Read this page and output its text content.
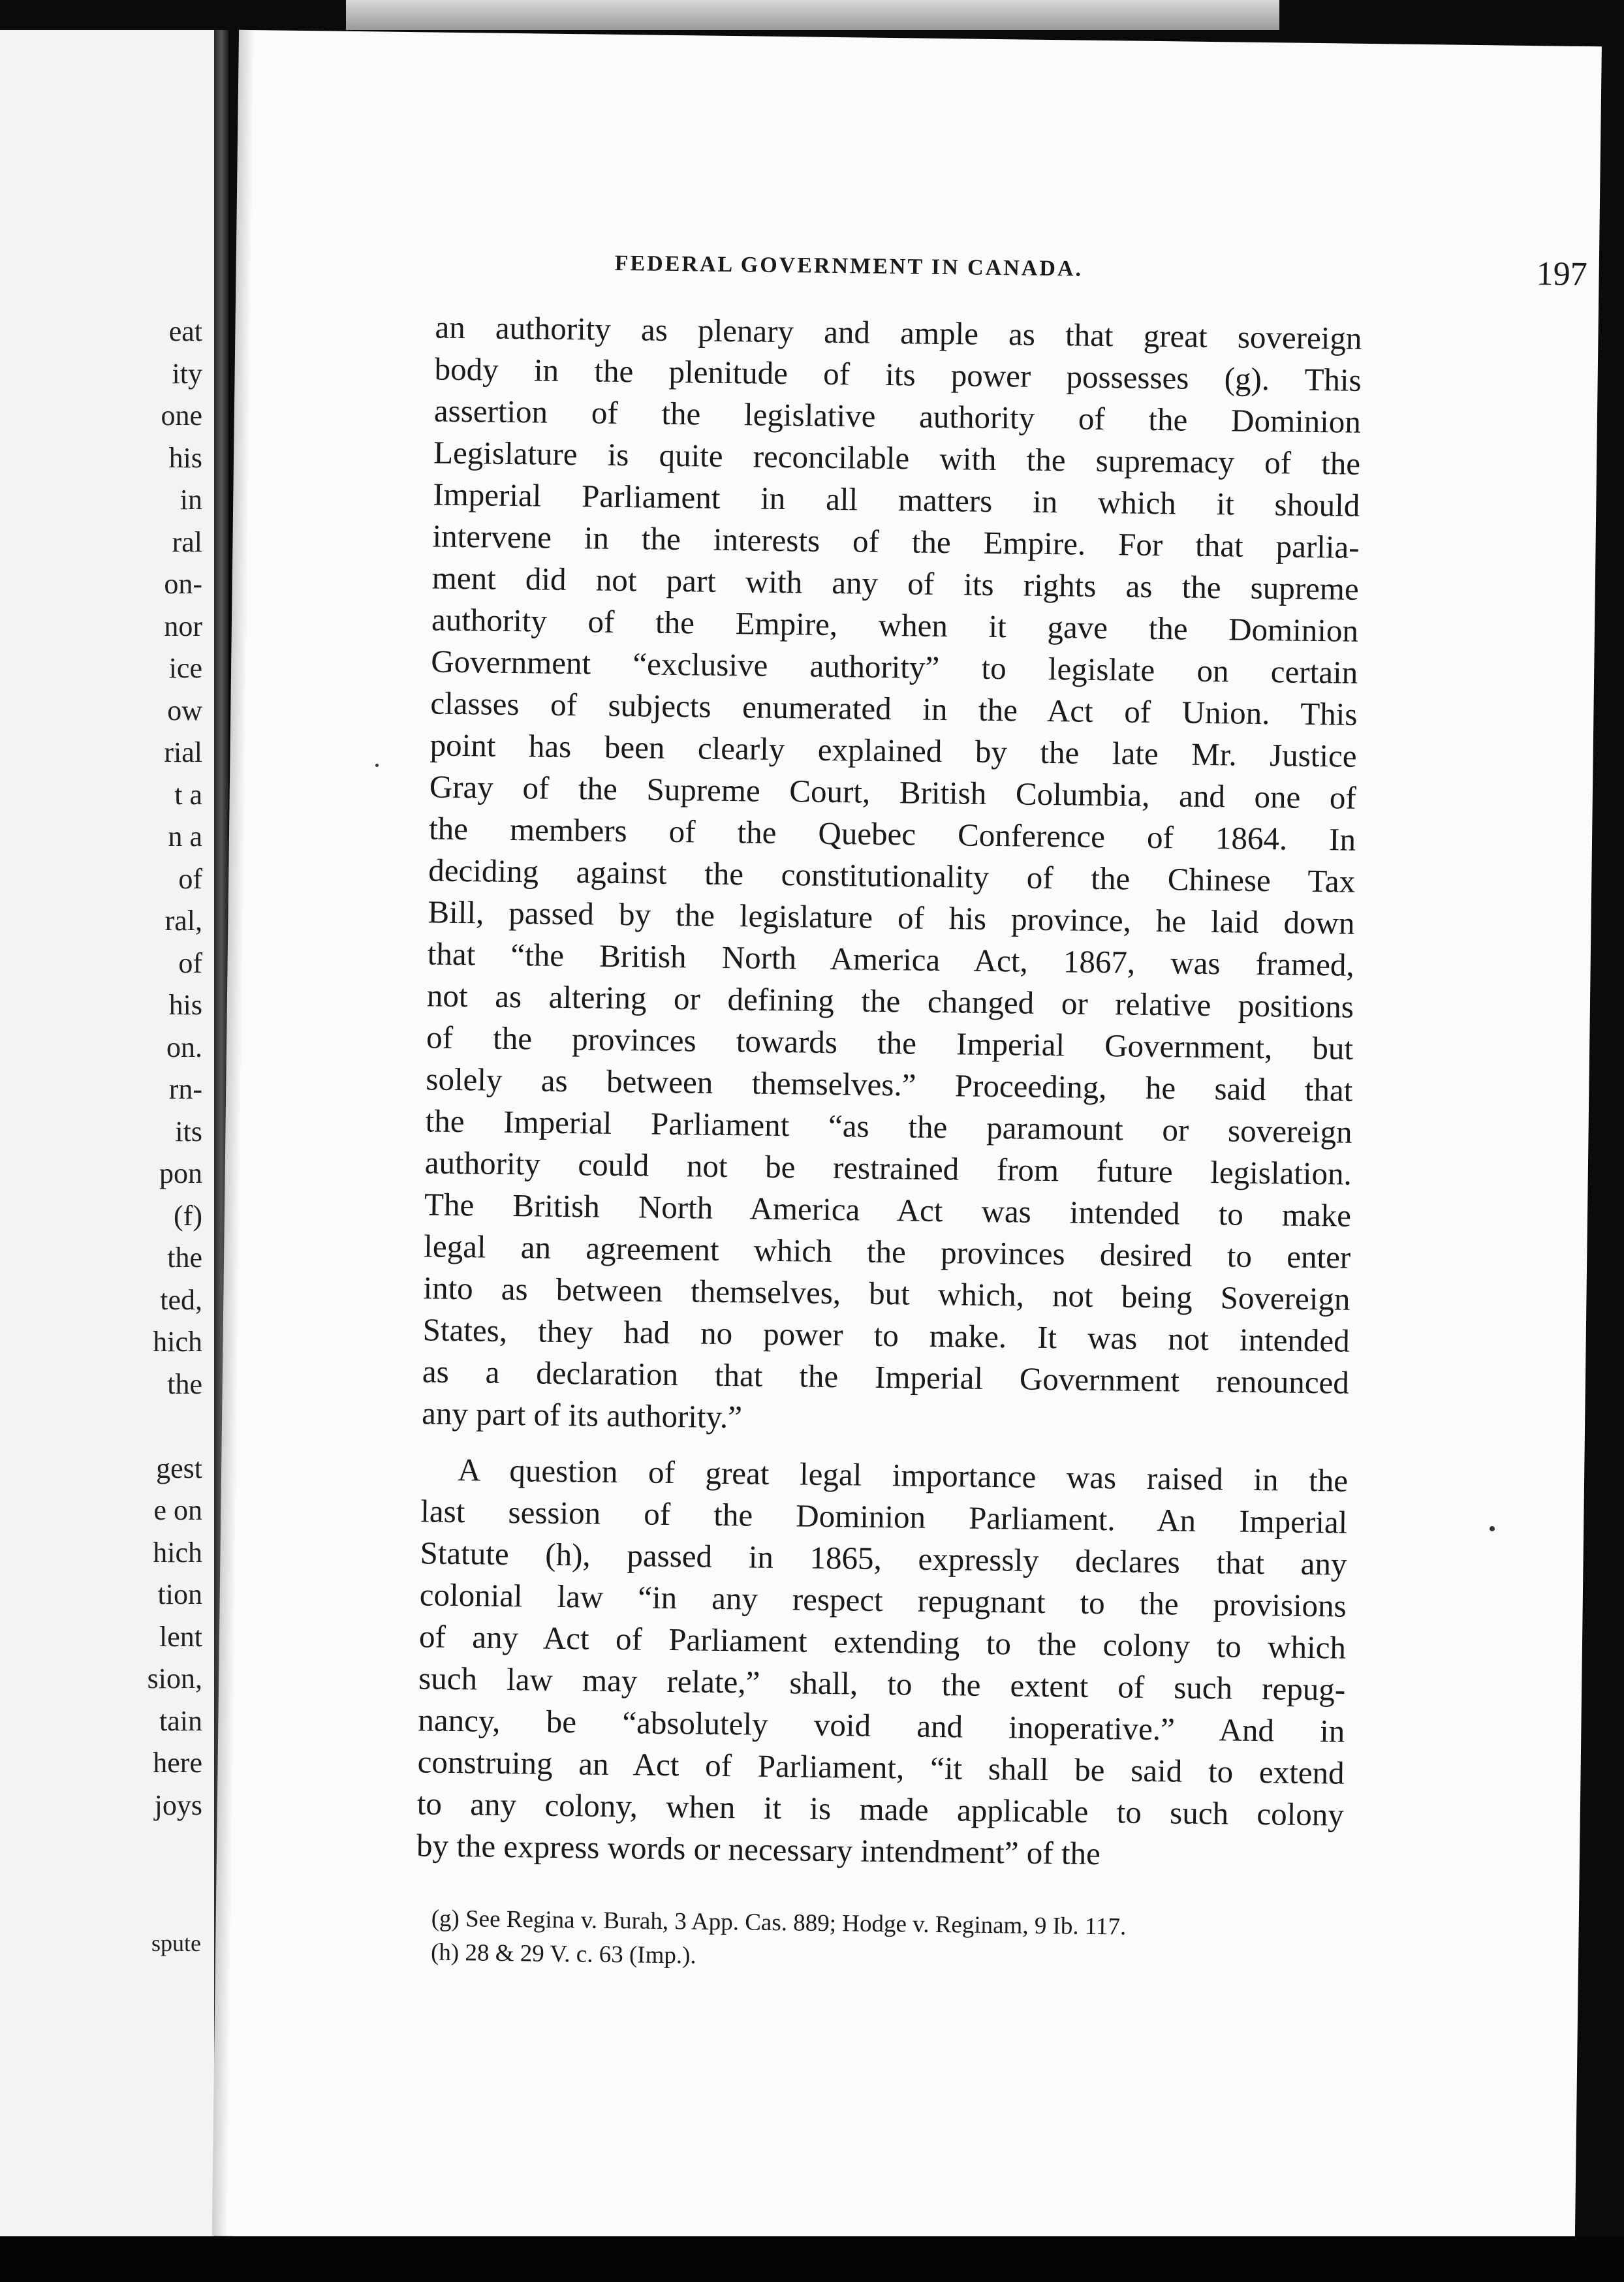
eat
ity
one
his
in
ral
on-
nor
ice
ow
rial
t a
n a
of
ral,
of
his
on.
rn-
its
pon
(f)
the
ted,
hich
the
gest
e on
hich
tion
lent
sion,
tain
here
joys
spute
FEDERAL GOVERNMENT IN CANADA.	197
an authority as plenary and ample as that great sovereign
body in the plenitude of its power possesses (g). This
assertion of the legislative authority of the Dominion
Legislature is quite reconcilable with the supremacy of the
Imperial Parliament in all matters in which it should
intervene in the interests of the Empire. For that parlia-
ment did not part with any of its rights as the supreme
authority of the Empire, when it gave the Dominion
Government “exclusive authority” to legislate on certain
classes of subjects enumerated in the Act of Union. This
point has been clearly explained by the late Mr. Justice
Gray of the Supreme Court, British Columbia, and one of
the members of the Quebec Conference of 1864. In
deciding against the constitutionality of the Chinese Tax
Bill, passed by the legislature of his province, he laid down
that “the British North America Act, 1867, was framed,
not as altering or defining the changed or relative positions
of the provinces towards the Imperial Government, but
solely as between themselves.” Proceeding, he said that
the Imperial Parliament “as the paramount or sovereign
authority could not be restrained from future legislation.
The British North America Act was intended to make
legal an agreement which the provinces desired to enter
into as between themselves, but which, not being Sovereign
States, they had no power to make. It was not intended
as a declaration that the Imperial Government renounced
any part of its authority.”
A question of great legal importance was raised in the
last session of the Dominion Parliament. An Imperial
Statute (h), passed in 1865, expressly declares that any
colonial law “in any respect repugnant to the provisions
of any Act of Parliament extending to the colony to which
such law may relate,” shall, to the extent of such repug-
nancy, be “absolutely void and inoperative.” And in
construing an Act of Parliament, “it shall be said to extend
to any colony, when it is made applicable to such colony
by the express words or necessary intendment” of the
(g) See Regina v. Burah, 3 App. Cas. 889; Hodge v. Reginam, 9 Ib. 117.
(h) 28 & 29 V. c. 63 (Imp.).
